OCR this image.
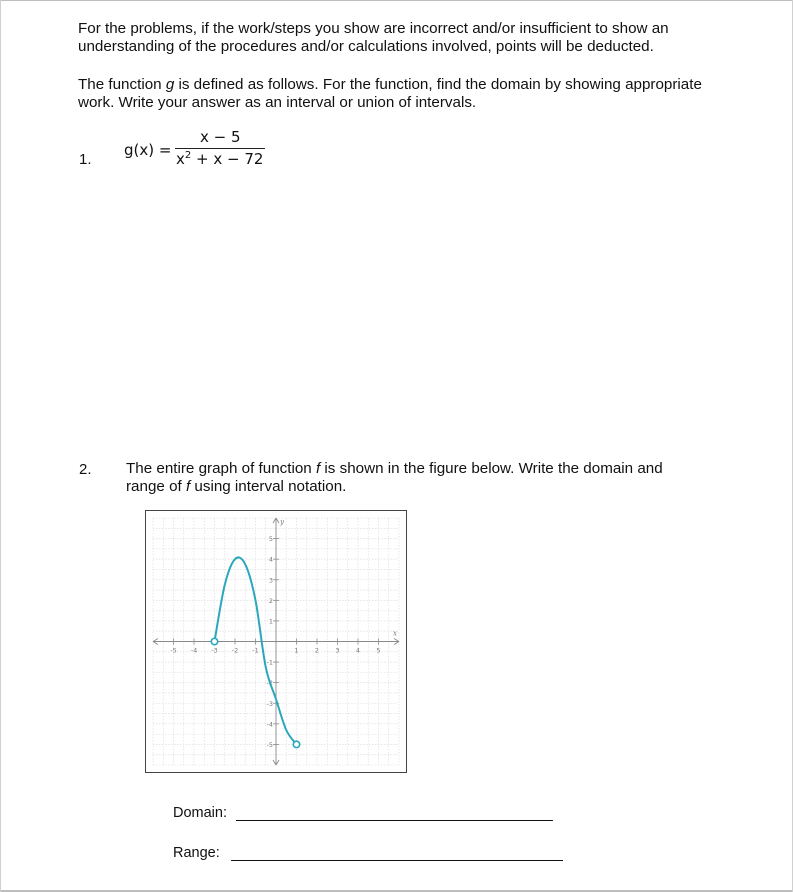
For the problems, if the work/steps you show are incorrect and/or insufficient to show an
understanding of the procedures and/or calculations involved, points will be deducted.
The function g is defined as follows. For the function, find the domain by showing appropriate
work. Write your answer as an interval or union of intervals.
1.
g(x) =
x − 5
$x^2 + x - 72$
2. The entire graph of function f is shown in the figure below. Write the domain and
range of f using interval notation.
x
y
-5 -4 -3 -2 -1	1	2	3	4	5
-5
-4
-3
-2
-1
1
2
3
4
5
Domain:
Range:
